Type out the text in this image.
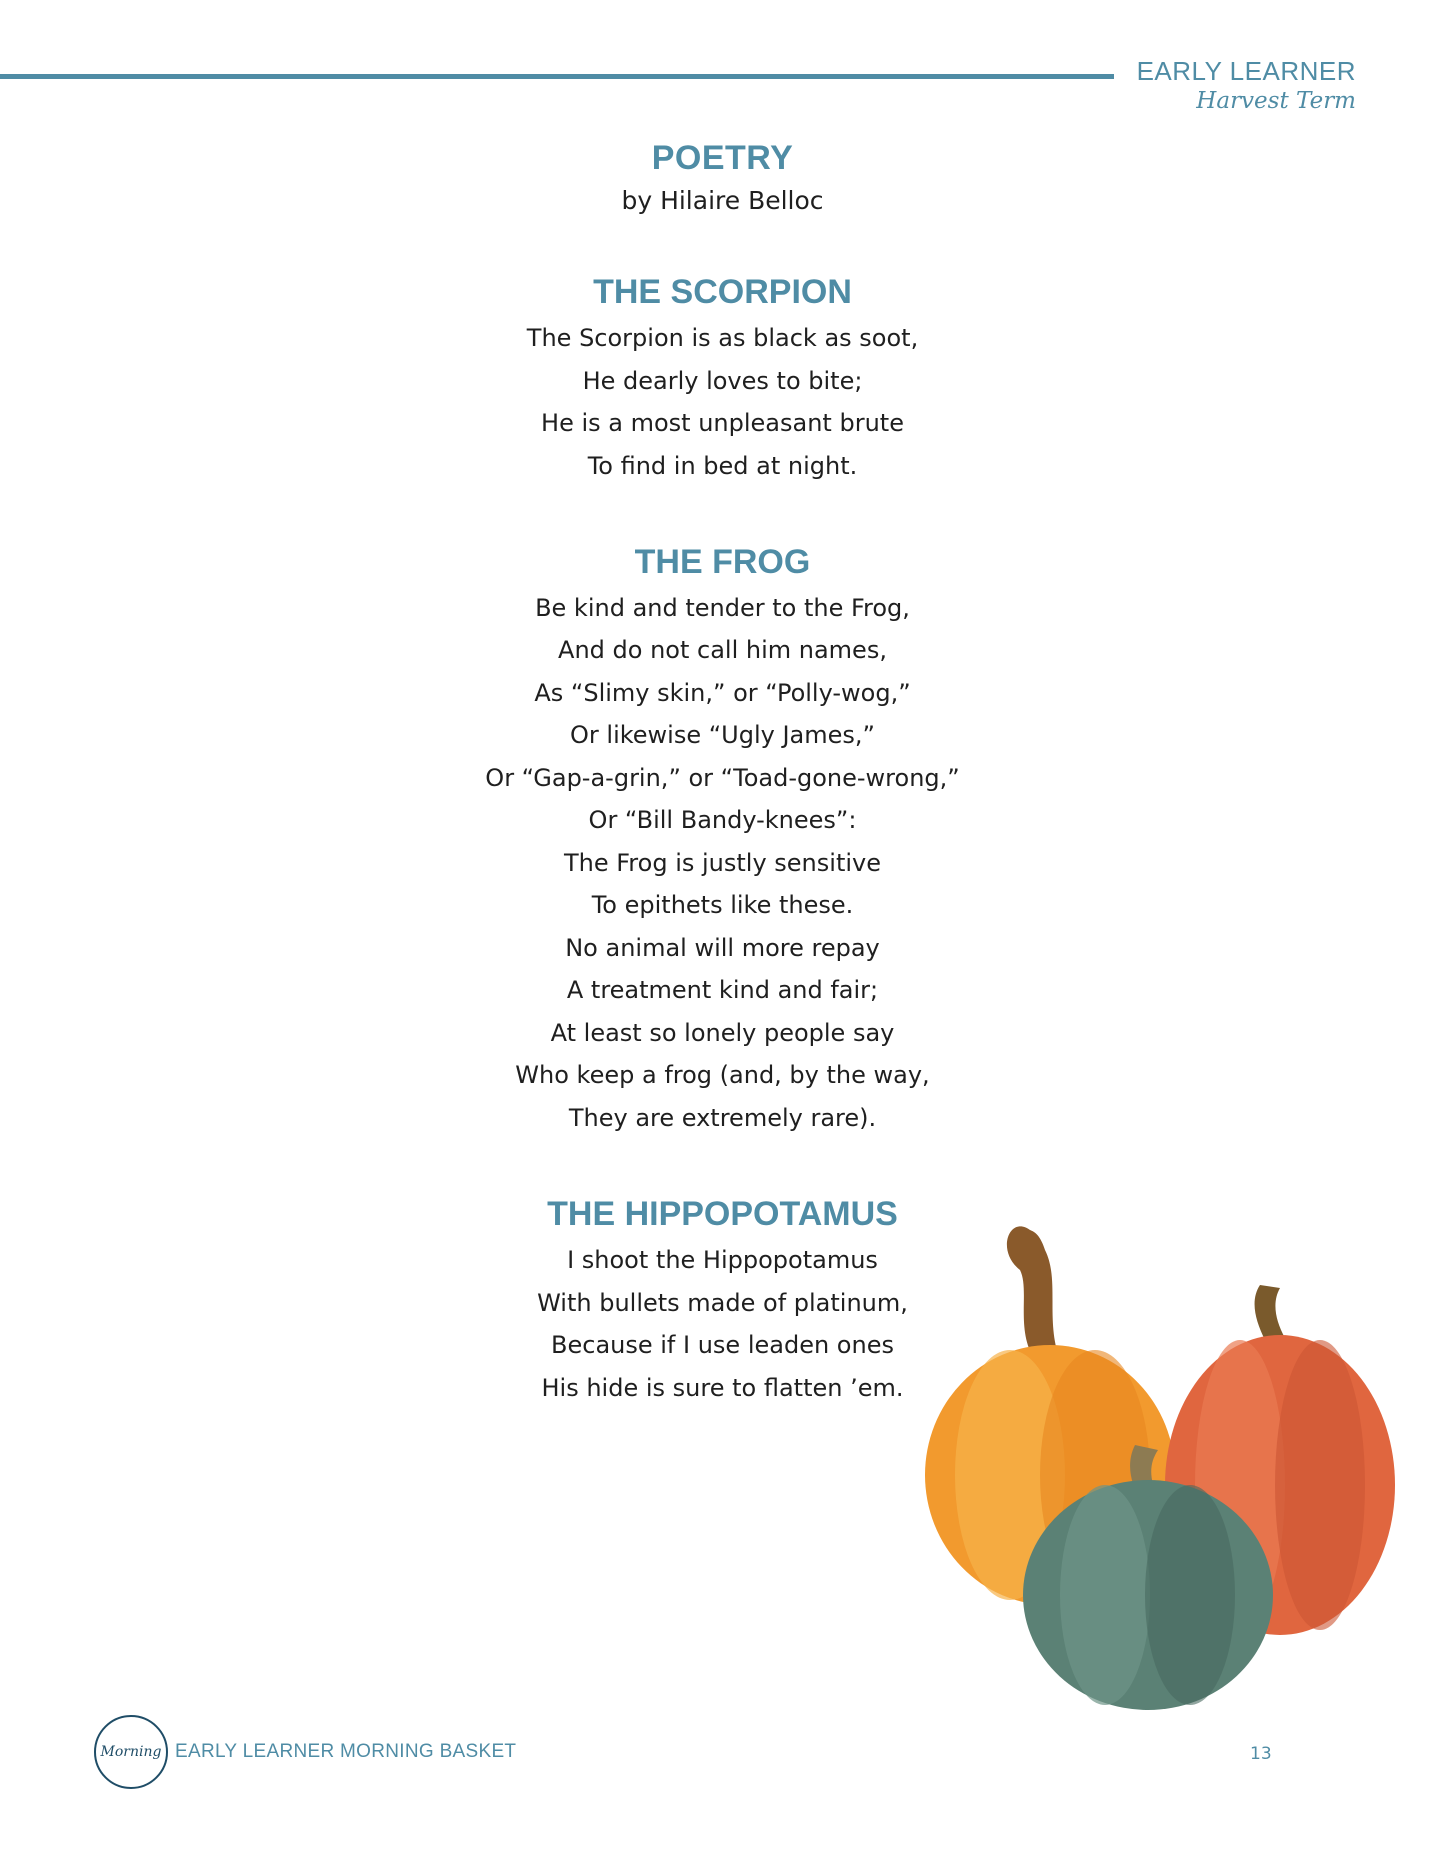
EARLY LEARNER
Harvest Term
POETRY
by Hilaire Belloc
THE SCORPION
The Scorpion is as black as soot,
He dearly loves to bite;
He is a most unpleasant brute
To find in bed at night.
THE FROG
Be kind and tender to the Frog,
And do not call him names,
As “Slimy skin,” or “Polly-wog,”
Or likewise “Ugly James,”
Or “Gap-a-grin,” or “Toad-gone-wrong,”
Or “Bill Bandy-knees”:
The Frog is justly sensitive
To epithets like these.
No animal will more repay
A treatment kind and fair;
At least so lonely people say
Who keep a frog (and, by the way,
They are extremely rare).
THE HIPPOPOTAMUS
I shoot the Hippopotamus
With bullets made of platinum,
Because if I use leaden ones
His hide is sure to flatten ’em.
Morning EARLY LEARNER MORNING BASKET	13
